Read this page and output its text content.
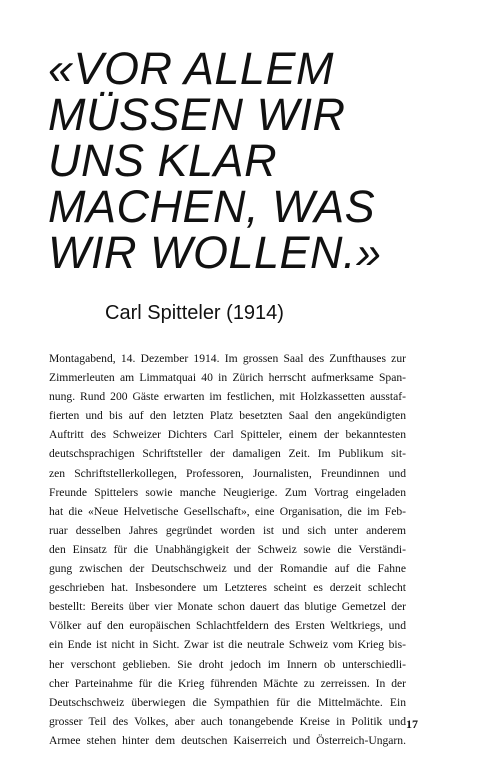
«VOR ALLEM
MÜSSEN WIR
UNS KLAR
MACHEN, WAS
WIR WOLLEN.»
Carl Spitteler (1914)
Montagabend, 14. Dezember 1914. Im grossen Saal des Zunfthauses zur
Zimmerleuten am Limmatquai 40 in Zürich herrscht aufmerksame Span-
nung. Rund 200 Gäste erwarten im festlichen, mit Holzkassetten ausstaf-
fierten und bis auf den letzten Platz besetzten Saal den angekündigten
Auftritt des Schweizer Dichters Carl Spitteler, einem der bekanntesten
deutschsprachigen Schriftsteller der damaligen Zeit. Im Publikum sit-
zen Schriftstellerkollegen, Professoren, Journalisten, Freundinnen und
Freunde Spittelers sowie manche Neugierige. Zum Vortrag eingeladen
hat die «Neue Helvetische Gesellschaft», eine Organisation, die im Feb-
ruar desselben Jahres gegründet worden ist und sich unter anderem
den Einsatz für die Unabhängigkeit der Schweiz sowie die Verständi-
gung zwischen der Deutschschweiz und der Romandie auf die Fahne
geschrieben hat. Insbesondere um Letzteres scheint es derzeit schlecht
bestellt: Bereits über vier Monate schon dauert das blutige Gemetzel der
Völker auf den europäischen Schlachtfeldern des Ersten Weltkriegs, und
ein Ende ist nicht in Sicht. Zwar ist die neutrale Schweiz vom Krieg bis-
her verschont geblieben. Sie droht jedoch im Innern ob unterschiedli-
cher Parteinahme für die Krieg führenden Mächte zu zerreissen. In der
Deutschschweiz überwiegen die Sympathien für die Mittelmächte. Ein
grosser Teil des Volkes, aber auch tonangebende Kreise in Politik und
Armee stehen hinter dem deutschen Kaiserreich und Österreich-Ungarn.
17
